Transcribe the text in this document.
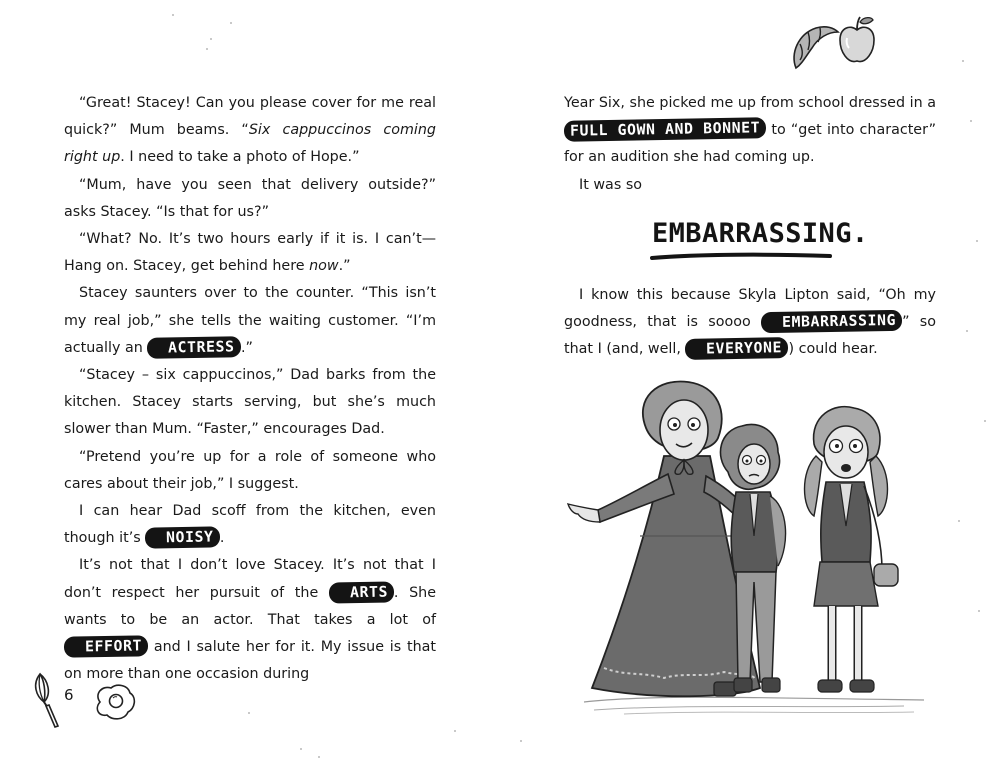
“Great! Stacey! Can you please cover for me real quick?” Mum beams. “Six cappuccinos coming right up. I need to take a photo of Hope.”

“Mum, have you seen that delivery outside?” asks Stacey. “Is that for us?”

“What? No. It’s two hours early if it is. I can’t— Hang on. Stacey, get behind here now.”

Stacey saunters over to the counter. “This isn’t my real job,” she tells the waiting customer. “I’m actually an ACTRESS .”

“Stacey – six cappuccinos,” Dad barks from the kitchen. Stacey starts serving, but she’s much slower than Mum. “Faster,” encourages Dad.

“Pretend you’re up for a role of someone who cares about their job,” I suggest.

I can hear Dad scoff from the kitchen, even though it’s NOISY .

It’s not that I don’t love Stacey. It’s not that I don’t respect her pursuit of the ARTS . She wants to be an actor. That takes a lot of EFFORT and I salute her for it. My issue is that on more than one occasion during

6

Year Six, she picked me up from school dressed in a FULL GOWN AND BONNET to “get into character” for an audition she had coming up.

It was so

EMBARRASSING.

I know this because Skyla Lipton said, “Oh my goodness, that is soooo EMBARRASSING ” so that I (and, well, EVERYONE ) could hear.
